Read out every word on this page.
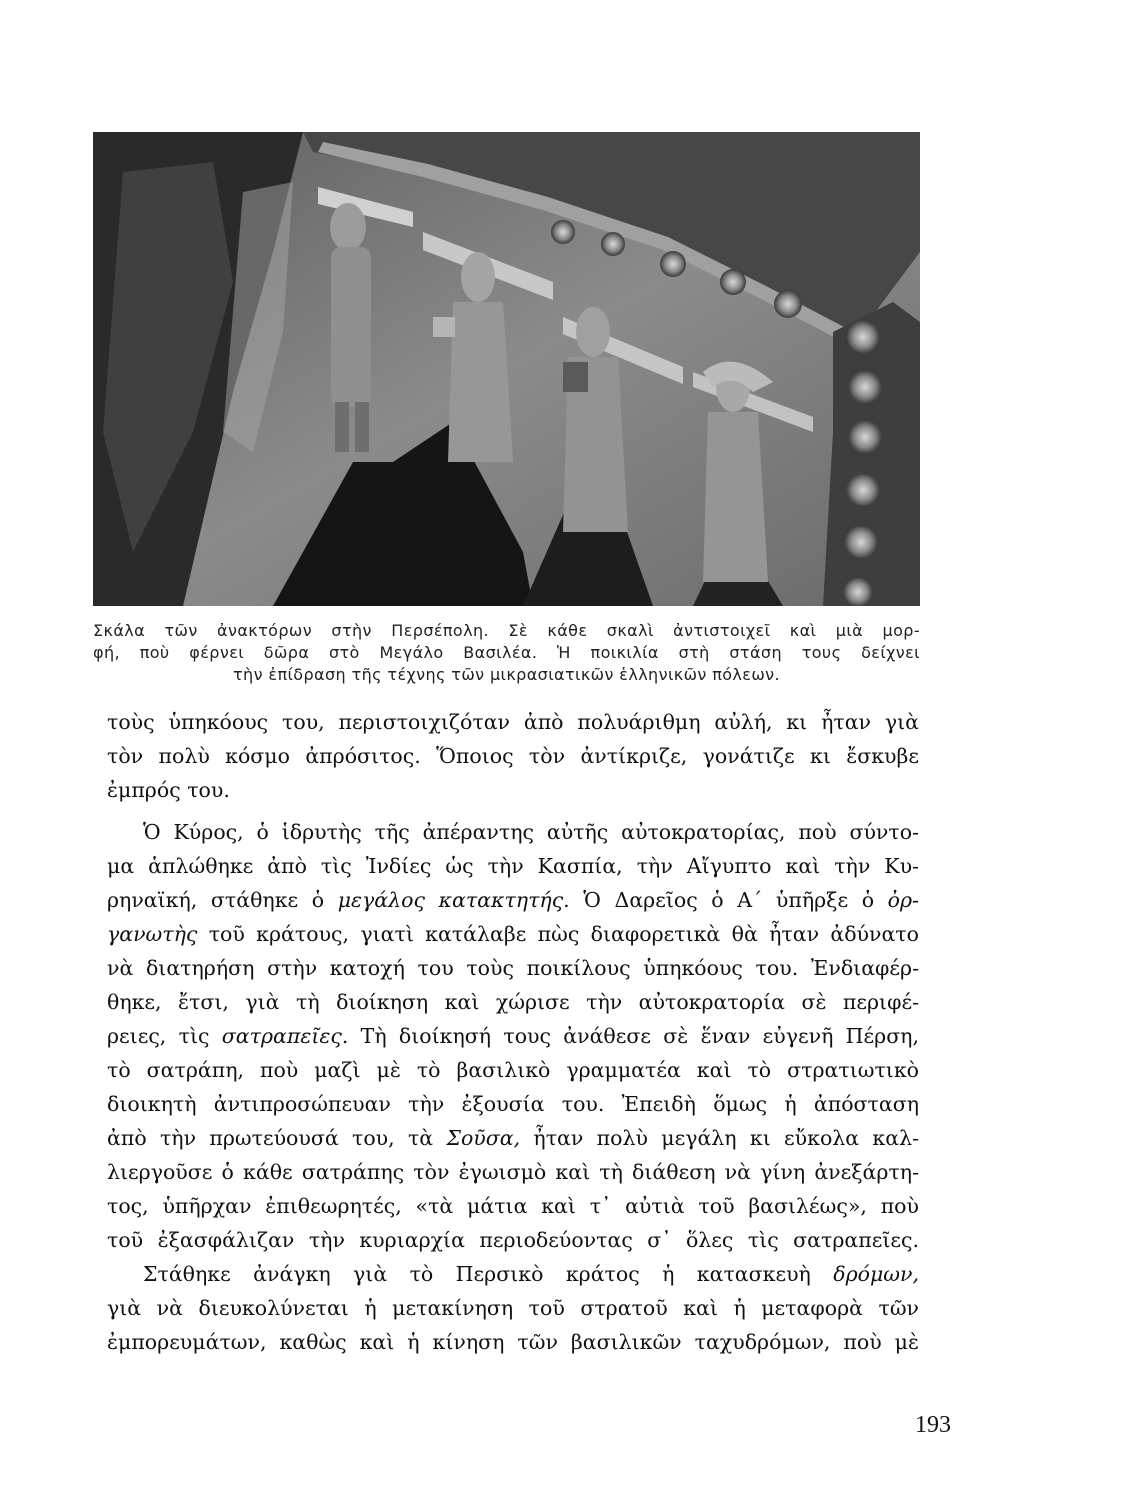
Σκάλα τῶν ἀνακτόρων στὴν Περσέπολη. Σὲ κάθε σκαλὶ ἀντιστοιχεῖ καὶ μιὰ μορ-
φή, ποὺ φέρνει δῶρα στὸ Μεγάλο Βασιλέα. Ἡ ποικιλία στὴ στάση τους δείχνει
τὴν ἐπίδραση τῆς τέχνης τῶν μικρασιατικῶν ἑλληνικῶν πόλεων.
τοὺς ὑπηκόους του, περιστοιχιζόταν ἀπὸ πολυάριθμη αὐλή, κι ἦταν γιὰ
τὸν πολὺ κόσμο ἀπρόσιτος. Ὅποιος τὸν ἀντίκριζε, γονάτιζε κι ἔσκυβε
ἐμπρός του.
Ὁ Κύρος, ὁ ἱδρυτὴς τῆς ἀπέραντης αὐτῆς αὐτοκρατορίας, ποὺ σύντο-
μα ἁπλώθηκε ἀπὸ τὶς Ἰνδίες ὡς τὴν Κασπία, τὴν Αἴγυπτο καὶ τὴν Κυ-
ρηναϊκή, στάθηκε ὁ μεγάλος κατακτητής. Ὁ Δαρεῖος ὁ Α΄ ὑπῆρξε ὁ ὀρ-
γανωτὴς τοῦ κράτους, γιατὶ κατάλαβε πὼς διαφορετικὰ θὰ ἦταν ἀδύνατο
νὰ διατηρήση στὴν κατοχή του τοὺς ποικίλους ὑπηκόους του. Ἐνδιαφέρ-
θηκε, ἔτσι, γιὰ τὴ διοίκηση καὶ χώρισε τὴν αὐτοκρατορία σὲ περιφέ-
ρειες, τὶς σατραπεῖες. Τὴ διοίκησή τους ἀνάθεσε σὲ ἕναν εὐγενῆ Πέρση,
τὸ σατράπη, ποὺ μαζὶ μὲ τὸ βασιλικὸ γραμματέα καὶ τὸ στρατιωτικὸ
διοικητὴ ἀντιπροσώπευαν τὴν ἐξουσία του. Ἐπειδὴ ὅμως ἡ ἀπόσταση
ἀπὸ τὴν πρωτεύουσά του, τὰ Σοῦσα, ἦταν πολὺ μεγάλη κι εὔκολα καλ-
λιεργοῦσε ὁ κάθε σατράπης τὸν ἐγωισμὸ καὶ τὴ διάθεση νὰ γίνη ἀνεξάρτη-
τος, ὑπῆρχαν ἐπιθεωρητές, «τὰ μάτια καὶ τ᾿ αὐτιὰ τοῦ βασιλέως», ποὺ
τοῦ ἐξασφάλιζαν τὴν κυριαρχία περιοδεύοντας σ᾿ ὅλες τὶς σατραπεῖες.
Στάθηκε ἀνάγκη γιὰ τὸ Περσικὸ κράτος ἡ κατασκευὴ δρόμων,
γιὰ νὰ διευκολύνεται ἡ μετακίνηση τοῦ στρατοῦ καὶ ἡ μεταφορὰ τῶν
ἐμπορευμάτων, καθὼς καὶ ἡ κίνηση τῶν βασιλικῶν ταχυδρόμων, ποὺ μὲ
193
